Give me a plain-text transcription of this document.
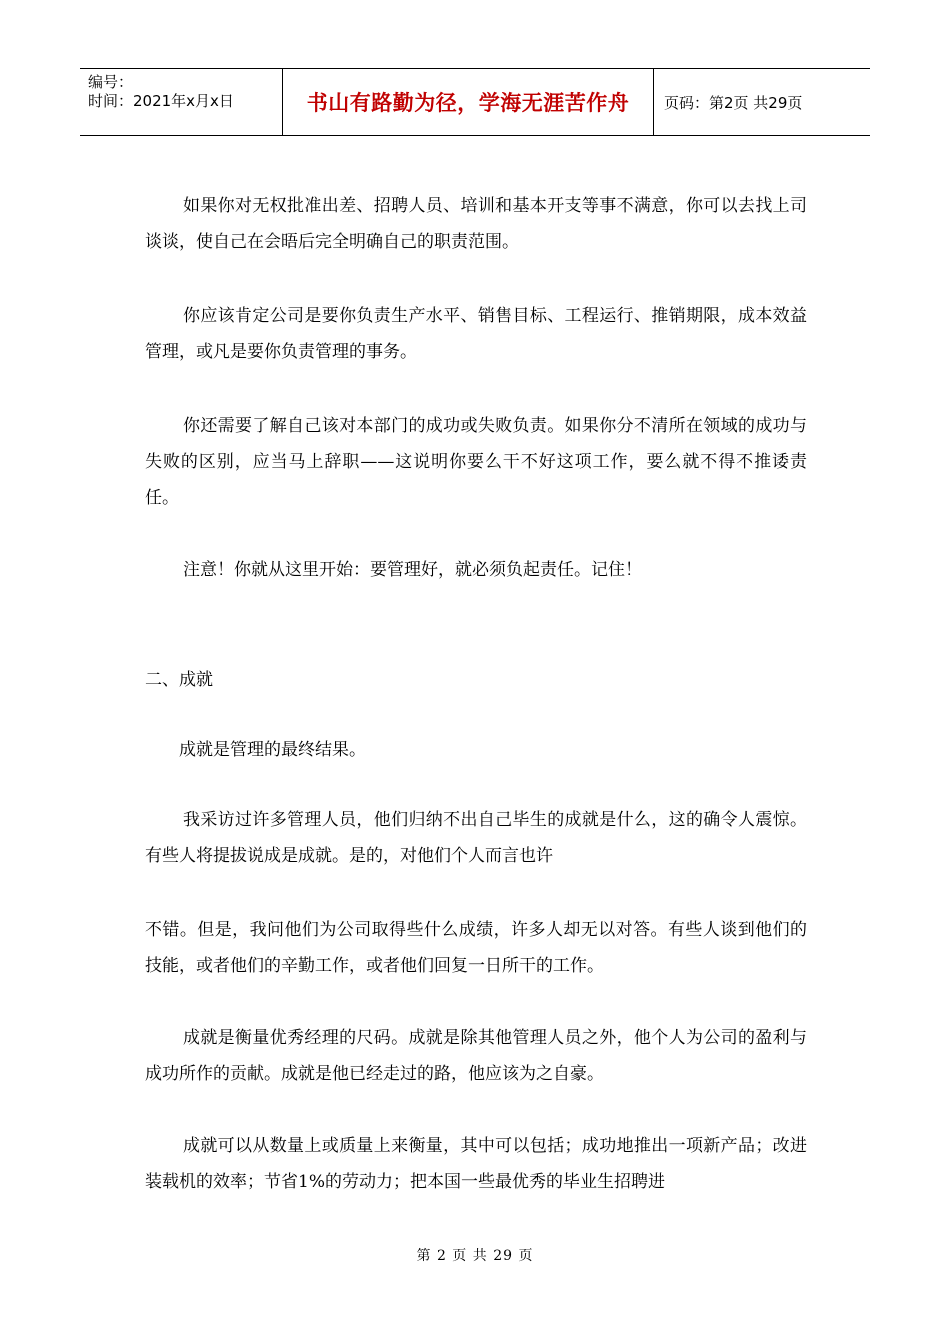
编号：
时间：2021年x月x日	书山有路勤为径，学海无涯苦作舟 页码：第2页 共29页

如果你对无权批准出差、招聘人员、培训和基本开支等事不满意，你可以去找上司谈谈，使自己在会晤后完全明确自己的职责范围。

你应该肯定公司是要你负责生产水平、销售目标、工程运行、推销期限，成本效益管理，或凡是要你负责管理的事务。

你还需要了解自己该对本部门的成功或失败负责。如果你分不清所在领域的成功与失败的区别，应当马上辞职——这说明你要么干不好这项工作，要么就不得不推诿责任。

注意！你就从这里开始：要管理好，就必须负起责任。记住！

二、成就

成就是管理的最终结果。

我采访过许多管理人员，他们归纳不出自己毕生的成就是什么，这的确令人震惊。有些人将提拔说成是成就。是的，对他们个人而言也许

不错。但是，我问他们为公司取得些什么成绩，许多人却无以对答。有些人谈到他们的技能，或者他们的辛勤工作，或者他们回复一日所干的工作。

成就是衡量优秀经理的尺码。成就是除其他管理人员之外，他个人为公司的盈利与成功所作的贡献。成就是他已经走过的路，他应该为之自豪。

成就可以从数量上或质量上来衡量，其中可以包括；成功地推出一项新产品；改进装载机的效率；节省1%的劳动力；把本国一些最优秀的毕业生招聘进

第 2 页 共 29 页
